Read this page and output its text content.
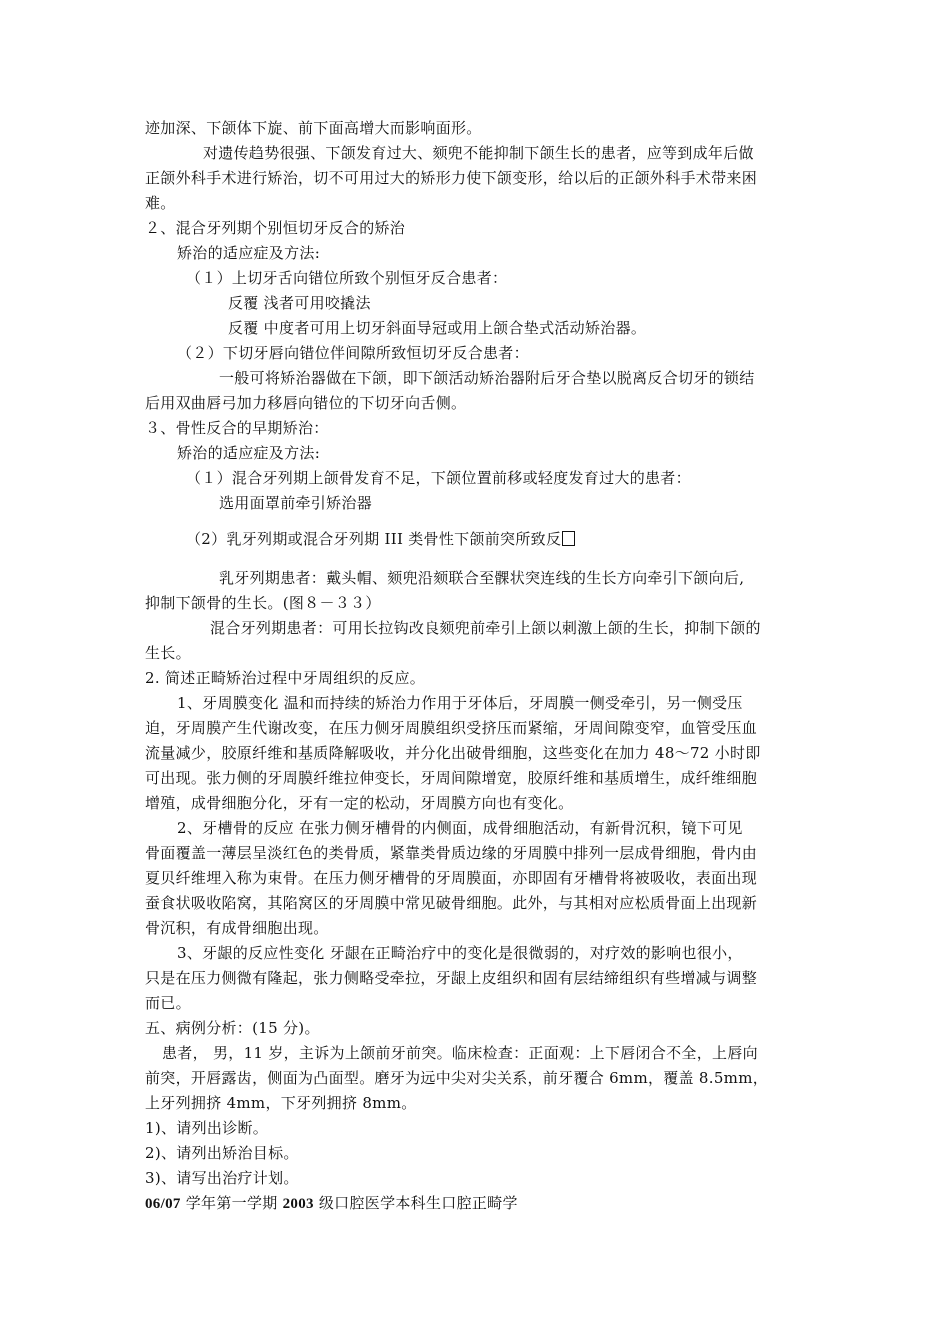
迹加深、下颌体下旋、前下面高增大而影响面形。
对遗传趋势很强、下颌发育过大、颏兜不能抑制下颌生长的患者，应等到成年后做
正颌外科手术进行矫治，切不可用过大的矫形力使下颌变形，给以后的正颌外科手术带来困
难。
２、混合牙列期个别恒切牙反合的矫治
矫治的适应症及方法:
（１）上切牙舌向错位所致个别恒牙反合患者：
反覆 浅者可用咬撬法
反覆 中度者可用上切牙斜面导冠或用上颌合垫式活动矫治器。
（２）下切牙唇向错位伴间隙所致恒切牙反合患者：
一般可将矫治器做在下颌，即下颌活动矫治器附后牙合垫以脱离反合切牙的锁结
后用双曲唇弓加力移唇向错位的下切牙向舌侧。
３、骨性反合的早期矫治：
矫治的适应症及方法:
（１）混合牙列期上颌骨发育不足，下颌位置前移或轻度发育过大的患者：
选用面罩前牵引矫治器
（2）乳牙列期或混合牙列期 III 类骨性下颌前突所致反
乳牙列期患者：戴头帽、颏兜沿颏联合至髁状突连线的生长方向牵引下颌向后,
抑制下颌骨的生长。(图８－３３）
混合牙列期患者：可用长拉钩改良颏兜前牵引上颌以刺激上颌的生长，抑制下颌的
生长。
2. 简述正畸矫治过程中牙周组织的反应。
1、牙周膜变化 温和而持续的矫治力作用于牙体后，牙周膜一侧受牵引，另一侧受压
迫，牙周膜产生代谢改变，在压力侧牙周膜组织受挤压而紧缩，牙周间隙变窄，血管受压血
流量减少，胶原纤维和基质降解吸收，并分化出破骨细胞，这些变化在加力 48～72 小时即
可出现。张力侧的牙周膜纤维拉伸变长，牙周间隙增宽，胶原纤维和基质增生，成纤维细胞
增殖，成骨细胞分化，牙有一定的松动，牙周膜方向也有变化。
2、牙槽骨的反应 在张力侧牙槽骨的内侧面，成骨细胞活动，有新骨沉积，镜下可见
骨面覆盖一薄层呈淡红色的类骨质，紧靠类骨质边缘的牙周膜中排列一层成骨细胞，骨内由
夏贝纤维埋入称为束骨。在压力侧牙槽骨的牙周膜面，亦即固有牙槽骨将被吸收，表面出现
蚕食状吸收陷窝，其陷窝区的牙周膜中常见破骨细胞。此外，与其相对应松质骨面上出现新
骨沉积，有成骨细胞出现。
3、牙龈的反应性变化 牙龈在正畸治疗中的变化是很微弱的，对疗效的影响也很小，
只是在压力侧微有隆起，张力侧略受牵拉，牙龈上皮组织和固有层结缔组织有些增减与调整
而已。
五、病例分析：(15 分)。
患者， 男，11 岁，主诉为上颌前牙前突。临床检查：正面观：上下唇闭合不全，上唇向
前突，开唇露齿，侧面为凸面型。磨牙为远中尖对尖关系，前牙覆合 6mm，覆盖 8.5mm，
上牙列拥挤 4mm，下牙列拥挤 8mm。
1)、请列出诊断。
2)、请列出矫治目标。
3)、请写出治疗计划。
06/07 学年第一学期 2003 级口腔医学本科生口腔正畸学
